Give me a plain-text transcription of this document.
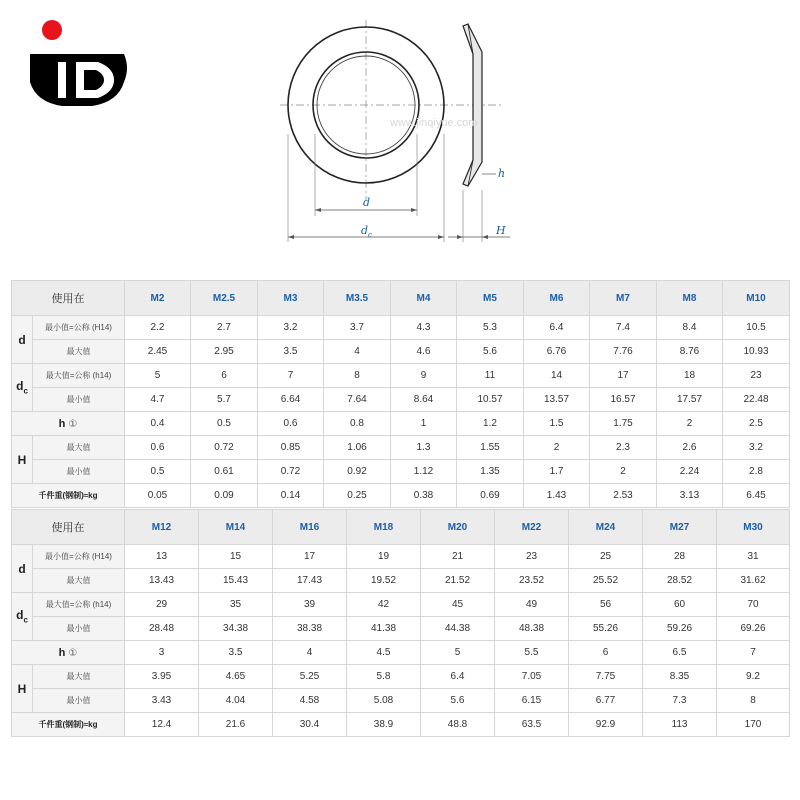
h
d
$d_c$	H
www.jinqiyue.com
使用在		M2	M2.5	M3	M3.5	M4	M5	M6	M7	M8	M10
d	最小值=公称 (H14)	2.2	2.7	3.2	3.7	4.3	5.3	6.4	7.4	8.4	10.5
	最大值	2.45	2.95	3.5	4	4.6	5.6	6.76	7.76	8.76	10.93
$d_c$	最大值=公称 (h14)	5	6	7	8	9	11	14	17	18	23
	最小值	4.7	5.7	6.64	7.64	8.64	10.57	13.57	16.57	17.57	22.48
h ①		0.4	0.5	0.6	0.8	1	1.2	1.5	1.75	2	2.5
H	最大值	0.6	0.72	0.85	1.06	1.3	1.55	2	2.3	2.6	3.2
	最小值	0.5	0.61	0.72	0.92	1.12	1.35	1.7	2	2.24	2.8
千件重(钢制)≈kg		0.05	0.09	0.14	0.25	0.38	0.69	1.43	2.53	3.13	6.45
使用在		M12	M14	M16	M18	M20	M22	M24	M27	M30
d	最小值=公称 (H14)	13	15	17	19	21	23	25	28	31
	最大值	13.43	15.43	17.43	19.52	21.52	23.52	25.52	28.52	31.62
$d_c$	最大值=公称 (h14)	29	35	39	42	45	49	56	60	70
	最小值	28.48	34.38	38.38	41.38	44.38	48.38	55.26	59.26	69.26
h ①		3	3.5	4	4.5	5	5.5	6	6.5	7
H	最大值	3.95	4.65	5.25	5.8	6.4	7.05	7.75	8.35	9.2
	最小值	3.43	4.04	4.58	5.08	5.6	6.15	6.77	7.3	8
千件重(钢制)≈kg		12.4	21.6	30.4	38.9	48.8	63.5	92.9	113	170
